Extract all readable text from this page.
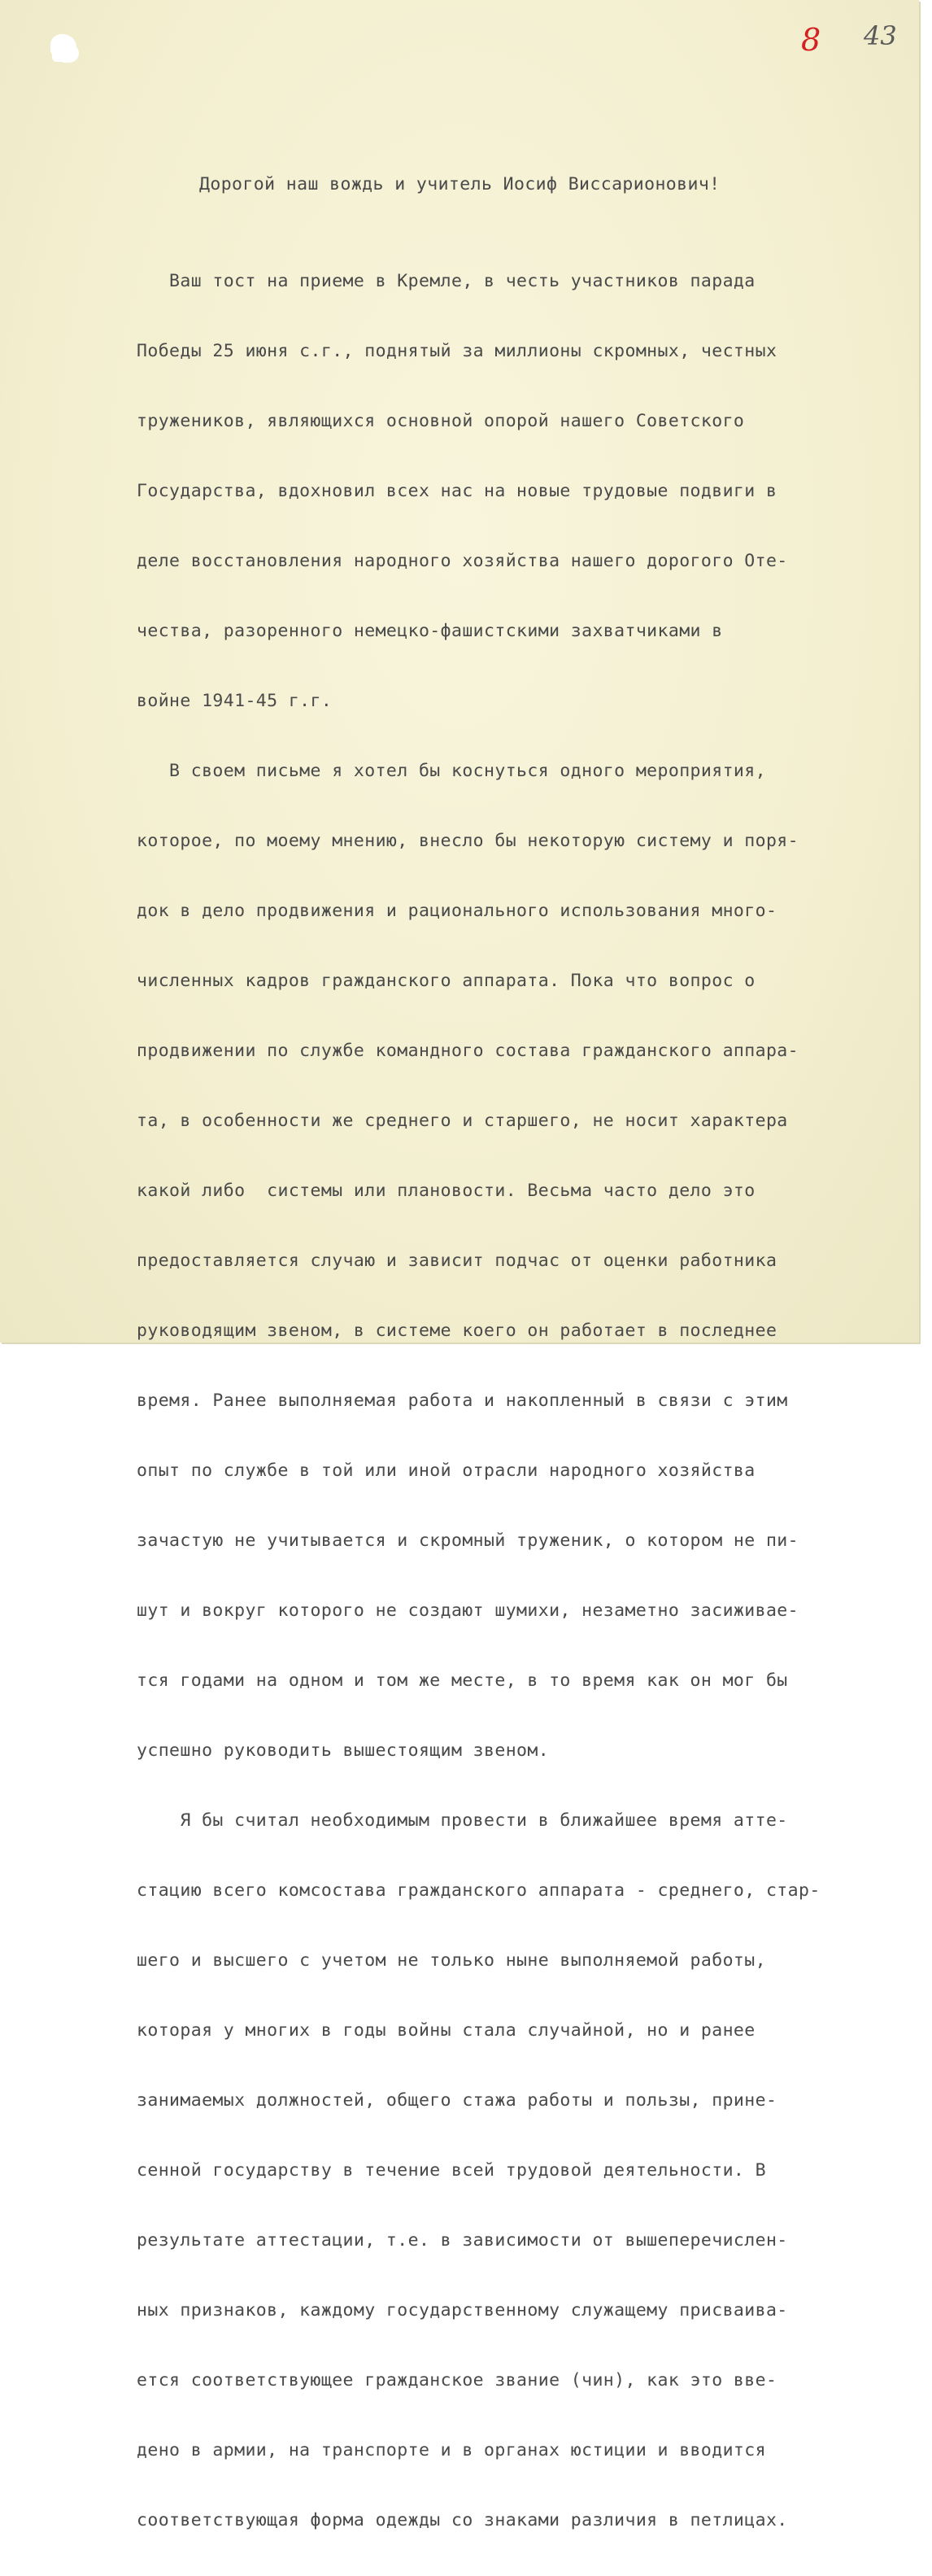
8 43
Дорогой наш вождь и учитель Иосиф Виссарионович!

Ваш тост на приеме в Кремле, в честь участников парада

Победы 25 июня с.г., поднятый за миллионы скромных, честных

тружеников, являющихся основной опорой нашего Советского

Государства, вдохновил всех нас на новые трудовые подвиги в

деле восстановления народного хозяйства нашего дорогого Оте-

чества, разоренного немецко-фашистскими захватчиками в

войне 1941-45 г.г.

В своем письме я хотел бы коснуться одного мероприятия,

которое, по моему мнению, внесло бы некоторую систему и поря-

док в дело продвижения и рационального использования много-

численных кадров гражданского аппарата. Пока что вопрос о

продвижении по службе командного состава гражданского аппара-

та, в особенности же среднего и старшего, не носит характера

какой либо  системы или плановости. Весьма часто дело это

предоставляется случаю и зависит подчас от оценки работника

руководящим звеном, в системе коего он работает в последнее

время. Ранее выполняемая работа и накопленный в связи с этим

опыт по службе в той или иной отрасли народного хозяйства

зачастую не учитывается и скромный труженик, о котором не пи-

шут и вокруг которого не создают шумихи, незаметно засиживае-

тся годами на одном и том же месте, в то время как он мог бы

успешно руководить вышестоящим звеном.

Я бы считал необходимым провести в ближайшее время атте-

стацию всего комсостава гражданского аппарата - среднего, стар-

шего и высшего с учетом не только ныне выполняемой работы,

которая у многих в годы войны стала случайной, но и ранее

занимаемых должностей, общего стажа работы и пользы, прине-

сенной государству в течение всей трудовой деятельности. В

результате аттестации, т.е. в зависимости от вышеперечислен-

ных признаков, каждому государственному служащему присваива-

ется соответствующее гражданское звание (чин), как это вве-

дено в армии, на транспорте и в органах юстиции и вводится

соответствующая форма одежды со знаками различия в петлицах.
